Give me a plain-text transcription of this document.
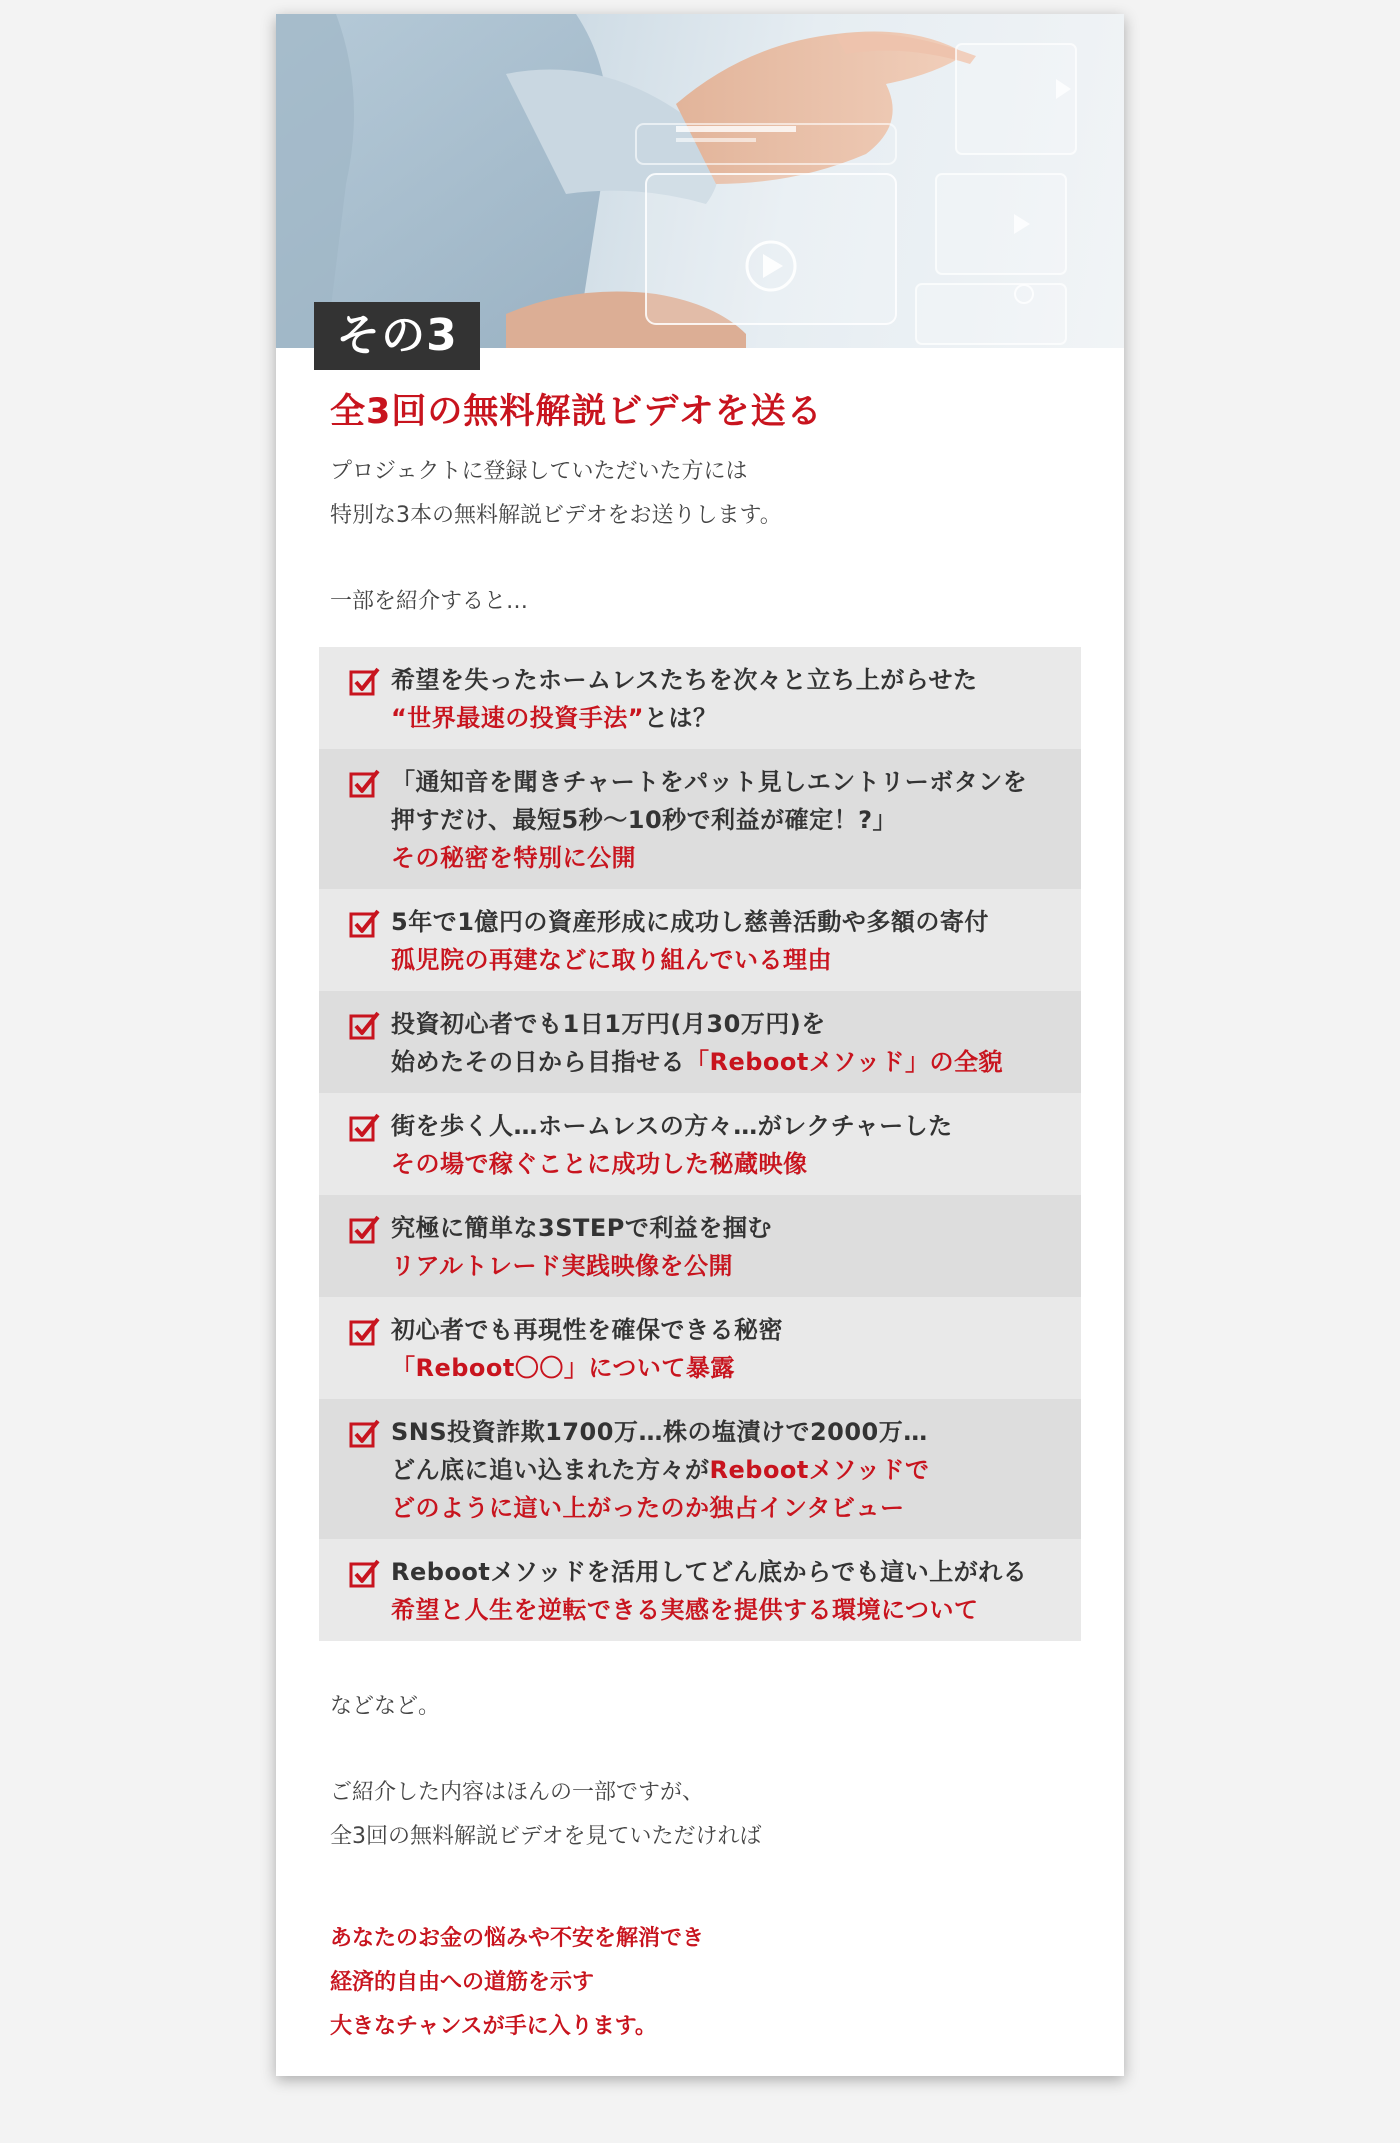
その3
全3回の無料解説ビデオを送る
プロジェクトに登録していただいた方には
特別な3本の無料解説ビデオをお送りします。
一部を紹介すると…
希望を失ったホームレスたちを次々と立ち上がらせた
“世界最速の投資手法”とは？
「通知音を聞きチャートをパット見しエントリーボタンを
押すだけ、最短5秒～10秒で利益が確定！?」
その秘密を特別に公開
5年で1億円の資産形成に成功し慈善活動や多額の寄付
孤児院の再建などに取り組んでいる理由
投資初心者でも1日1万円(月30万円)を
始めたその日から目指せる「Rebootメソッド」の全貌
街を歩く人…ホームレスの方々…がレクチャーした
その場で稼ぐことに成功した秘蔵映像
究極に簡単な3STEPで利益を掴む
リアルトレード実践映像を公開
初心者でも再現性を確保できる秘密
「Reboot〇〇」について暴露
SNS投資詐欺1700万…株の塩漬けで2000万…
どん底に追い込まれた方々がRebootメソッドで
どのように這い上がったのか独占インタビュー
Rebootメソッドを活用してどん底からでも這い上がれる
希望と人生を逆転できる実感を提供する環境について
などなど。
ご紹介した内容はほんの一部ですが、
全3回の無料解説ビデオを見ていただければ
あなたのお金の悩みや不安を解消でき
経済的自由への道筋を示す
大きなチャンスが手に入ります。
